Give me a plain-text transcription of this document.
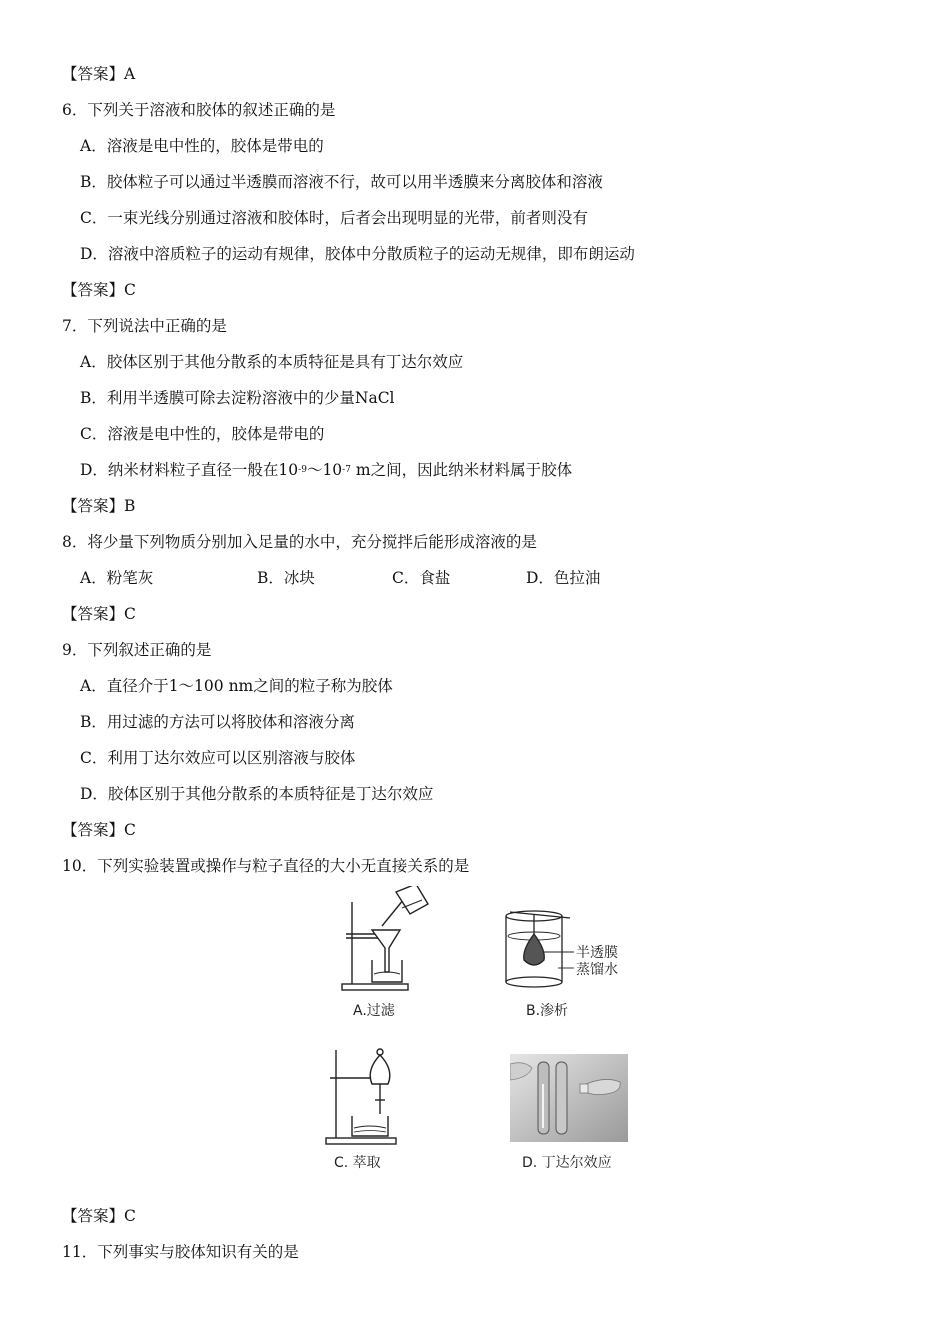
【答案】A
6．下列关于溶液和胶体的叙述正确的是
A．溶液是电中性的，胶体是带电的
B．胶体粒子可以通过半透膜而溶液不行，故可以用半透膜来分离胶体和溶液
C．一束光线分别通过溶液和胶体时，后者会出现明显的光带，前者则没有
D．溶液中溶质粒子的运动有规律，胶体中分散质粒子的运动无规律，即布朗运动
【答案】C
7．下列说法中正确的是
A．胶体区别于其他分散系的本质特征是具有丁达尔效应
B．利用半透膜可除去淀粉溶液中的少量NaCl
C．溶液是电中性的，胶体是带电的
D．纳米材料粒子直径一般在$10^{-9}\sim 10^{-7}$ m之间，因此纳米材料属于胶体
【答案】B
8．将少量下列物质分别加入足量的水中，充分搅拌后能形成溶液的是
A．粉笔灰	B．冰块	C．食盐	D．色拉油
【答案】C
9．下列叙述正确的是
A．直径介于1～100 nm之间的粒子称为胶体
B．用过滤的方法可以将胶体和溶液分离
C．利用丁达尔效应可以区别溶液与胶体
D．胶体区别于其他分散系的本质特征是丁达尔效应
【答案】C
10．下列实验装置或操作与粒子直径的大小无直接关系的是
A.过滤
半透膜
蒸馏水
B.渗析
C. 萃取	D. 丁达尔效应
【答案】C
11．下列事实与胶体知识有关的是
